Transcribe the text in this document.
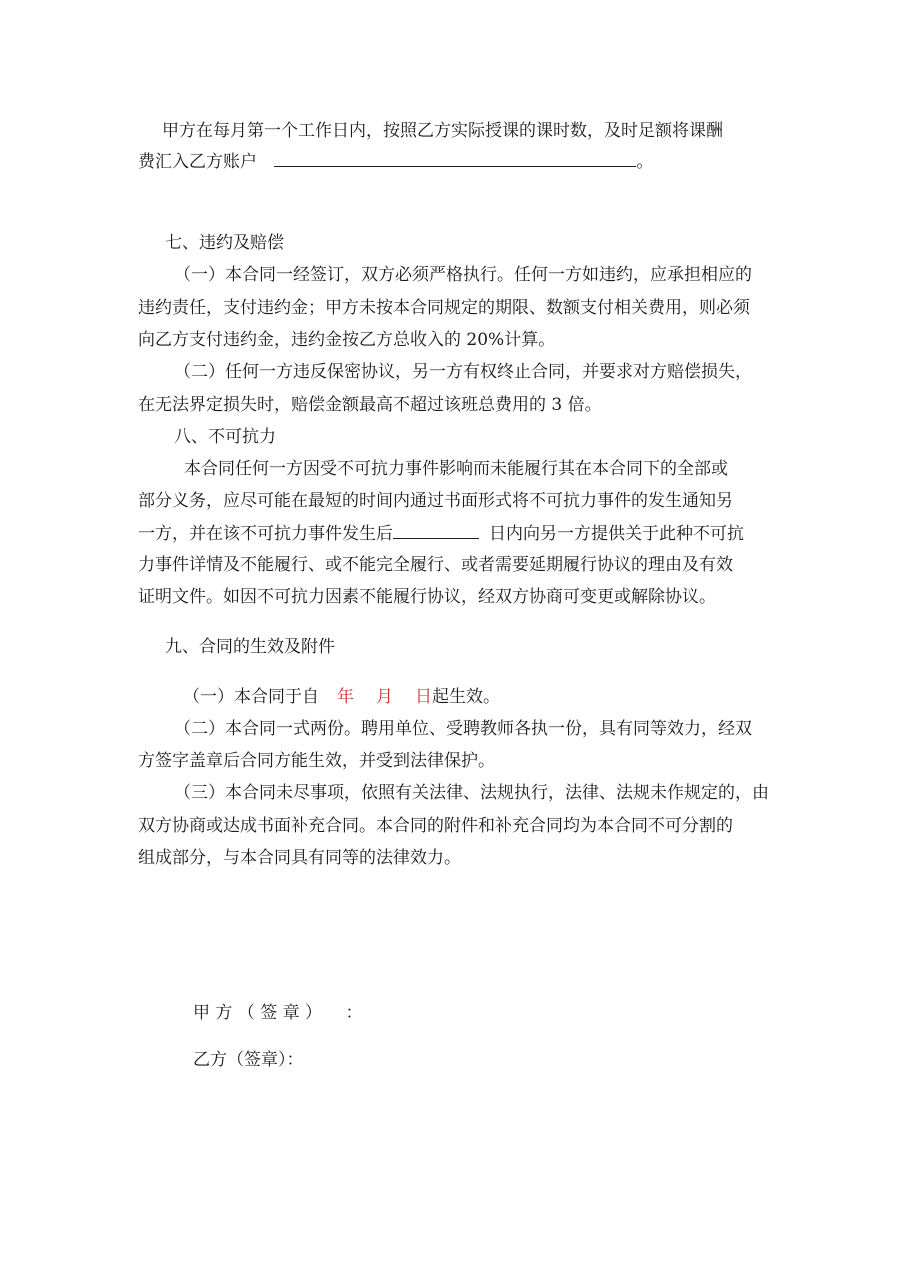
甲方在每月第一个工作日内，按照乙方实际授课的课时数，及时足额将课酬
费汇入乙方账户	。
七、违约及赔偿
（一）本合同一经签订，双方必须严格执行。任何一方如违约，应承担相应的
违约责任，支付违约金；甲方未按本合同规定的期限、数额支付相关费用，则必须
向乙方支付违约金，违约金按乙方总收入的 20%计算。
（二）任何一方违反保密协议，另一方有权终止合同，并要求对方赔偿损失，
在无法界定损失时，赔偿金额最高不超过该班总费用的 3 倍。
八、不可抗力
本合同任何一方因受不可抗力事件影响而未能履行其在本合同下的全部或
部分义务，应尽可能在最短的时间内通过书面形式将不可抗力事件的发生通知另
一方，并在该不可抗力事件发生后	日内向另一方提供关于此种不可抗
力事件详情及不能履行、或不能完全履行、或者需要延期履行协议的理由及有效
证明文件。如因不可抗力因素不能履行协议，经双方协商可变更或解除协议。
九、合同的生效及附件
（一）本合同于自 年 月 日起生效。
（二）本合同一式两份。聘用单位、受聘教师各执一份，具有同等效力，经双
方签字盖章后合同方能生效，并受到法律保护。
（三）本合同未尽事项，依照有关法律、法规执行，法律、法规未作规定的，由
双方协商或达成书面补充合同。本合同的附件和补充合同均为本合同不可分割的
组成部分，与本合同具有同等的法律效力。
甲 方 （ 签 章 ） ：
乙方（签章）：
